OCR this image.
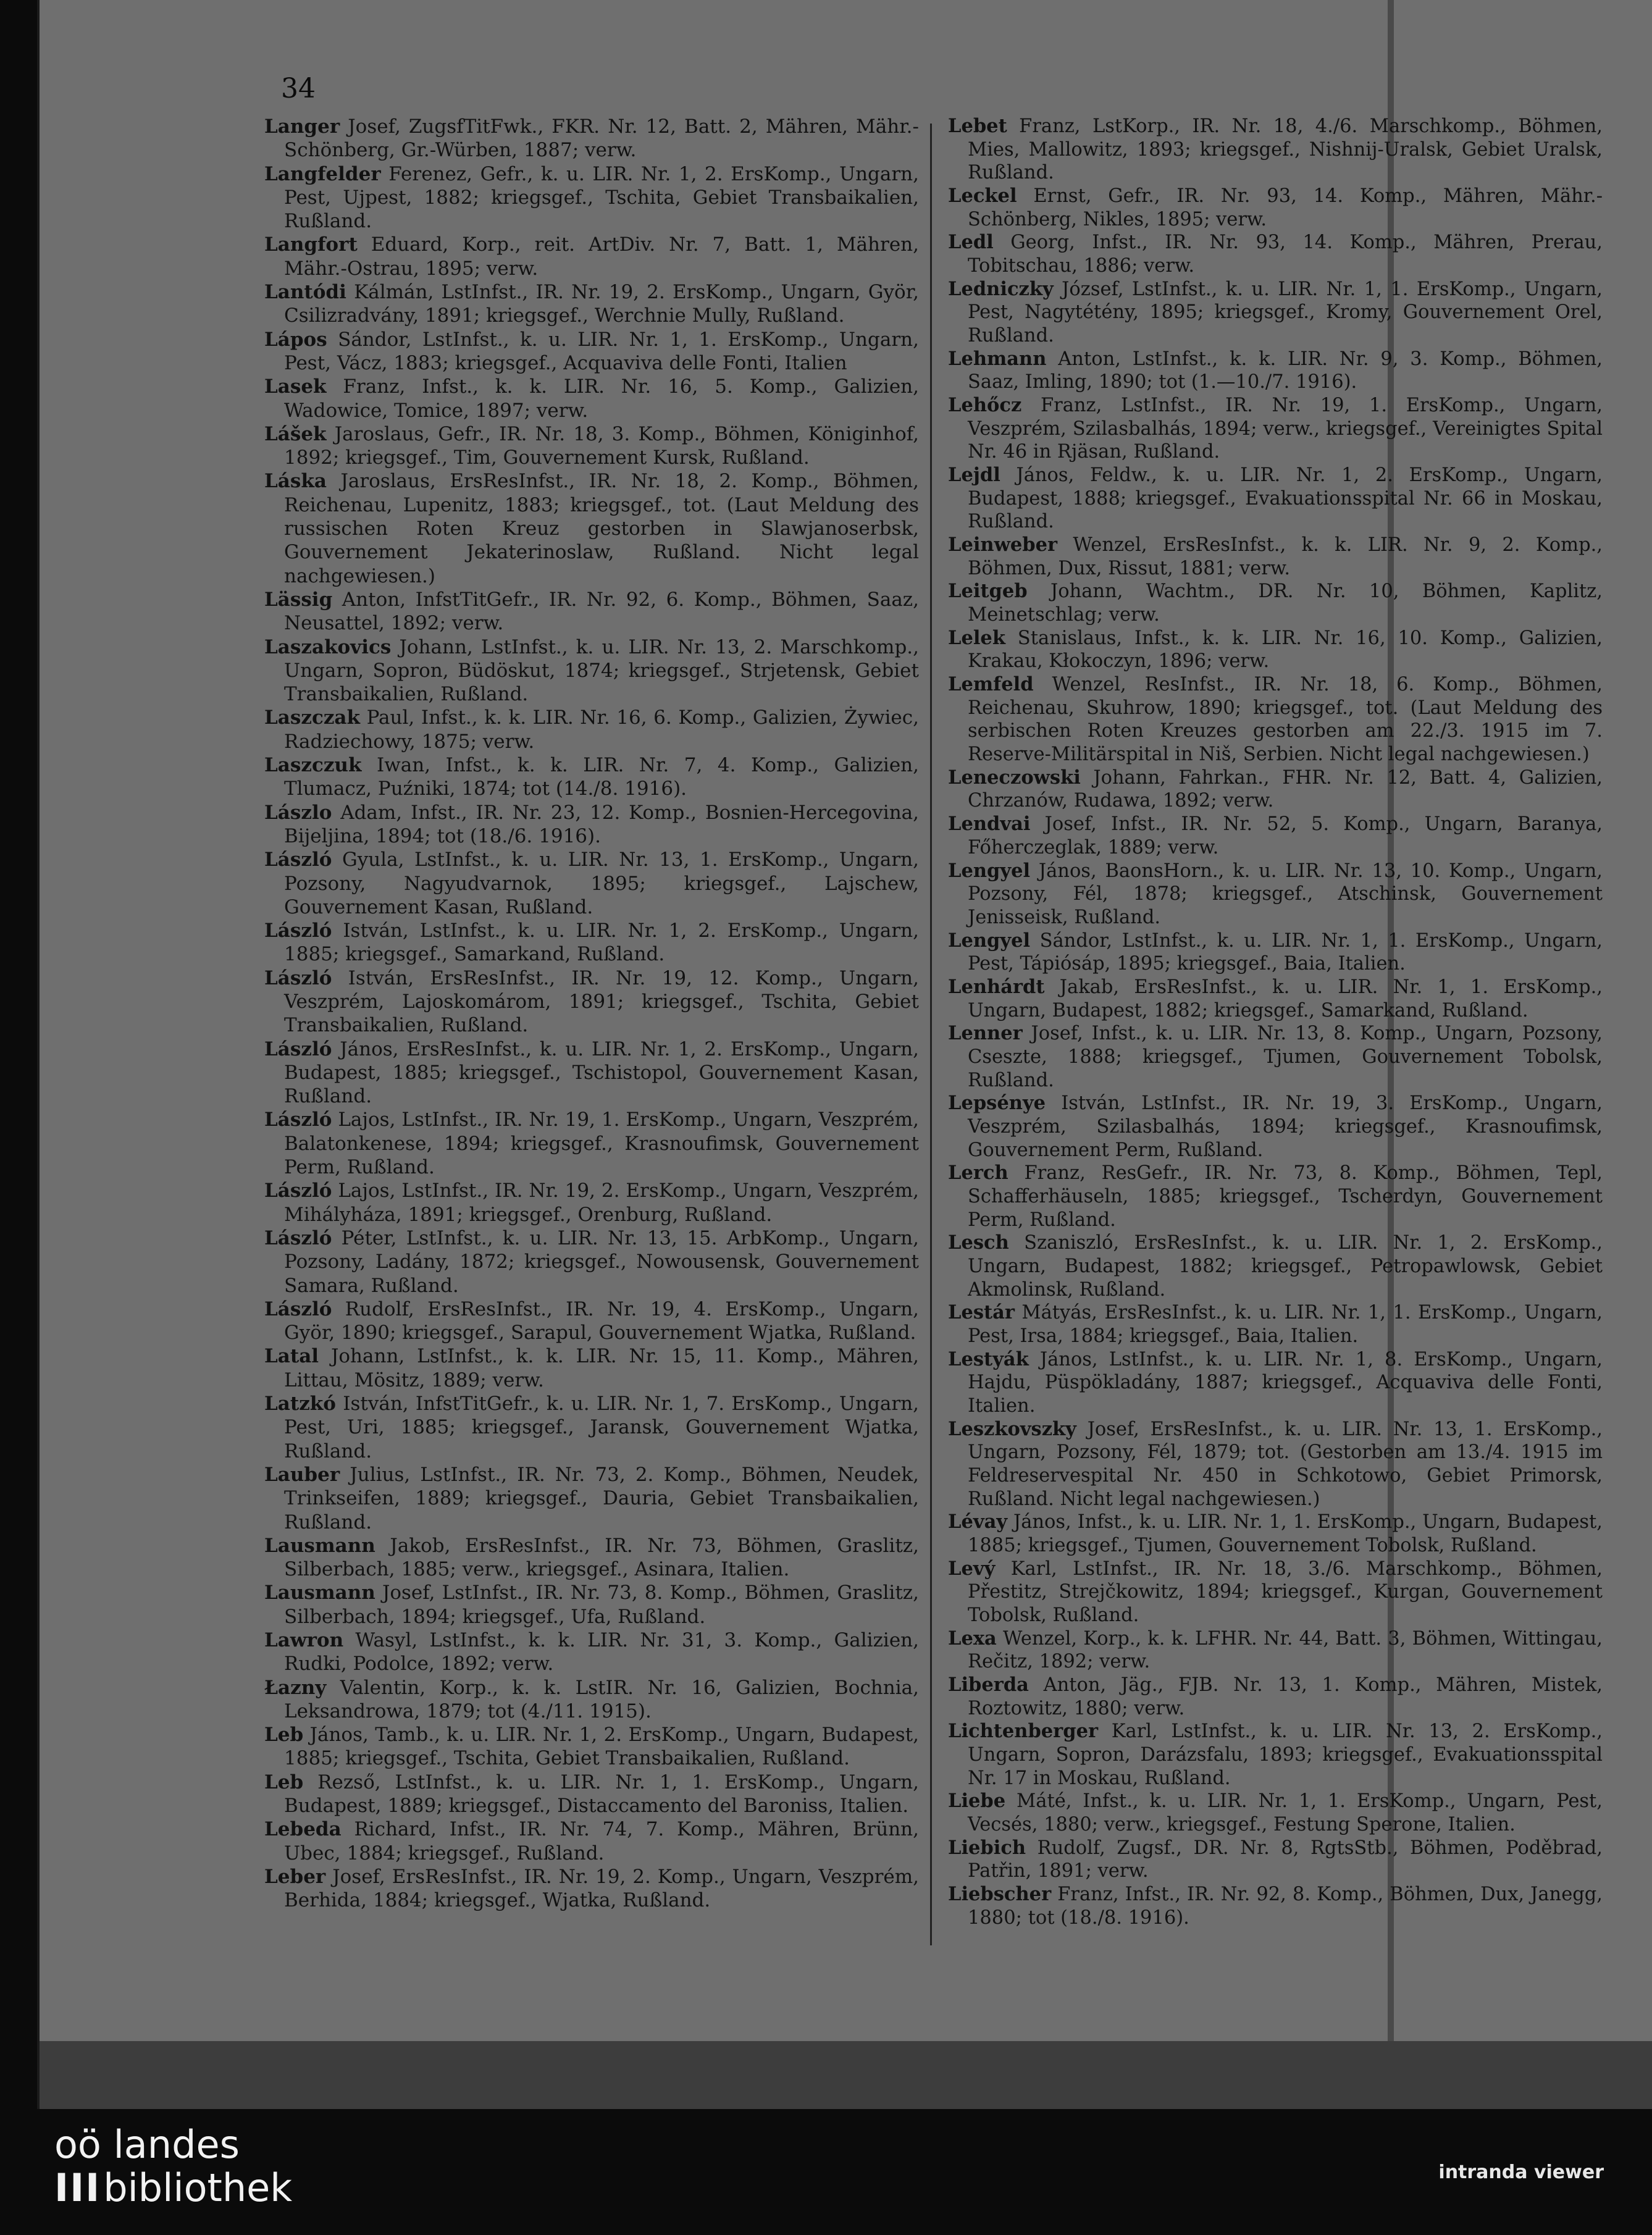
34

Langer Josef, ZugsfTitFwk., FKR. Nr. 12, Batt. 2, Mähren, Mähr.-Schönberg, Gr.-Würben, 1887; verw.

Langfelder Ferenez, Gefr., k. u. LIR. Nr. 1, 2. ErsKomp., Ungarn, Pest, Ujpest, 1882; kriegsgef., Tschita, Gebiet Transbaikalien, Rußland.

Langfort Eduard, Korp., reit. ArtDiv. Nr. 7, Batt. 1, Mähren, Mähr.-Ostrau, 1895; verw.

Lantódi Kálmán, LstInfst., IR. Nr. 19, 2. ErsKomp., Ungarn, Györ, Csilizradvány, 1891; kriegsgef., Werchnie Mully, Rußland.

Lápos Sándor, LstInfst., k. u. LIR. Nr. 1, 1. ErsKomp., Ungarn, Pest, Vácz, 1883; kriegsgef., Acquaviva delle Fonti, Italien

Lasek Franz, Infst., k. k. LIR. Nr. 16, 5. Komp., Galizien, Wadowice, Tomice, 1897; verw.

Lášek Jaroslaus, Gefr., IR. Nr. 18, 3. Komp., Böhmen, Königinhof, 1892; kriegsgef., Tim, Gouvernement Kursk, Rußland.

Láska Jaroslaus, ErsResInfst., IR. Nr. 18, 2. Komp., Böhmen, Reichenau, Lupenitz, 1883; kriegsgef., tot. (Laut Meldung des russischen Roten Kreuz gestorben in Slawjanoserbsk, Gouvernement Jekaterinoslaw, Rußland. Nicht legal nachgewiesen.)

Lässig Anton, InfstTitGefr., IR. Nr. 92, 6. Komp., Böhmen, Saaz, Neusattel, 1892; verw.

Laszakovics Johann, LstInfst., k. u. LIR. Nr. 13, 2. Marschkomp., Ungarn, Sopron, Büdöskut, 1874; kriegsgef., Strjetensk, Gebiet Transbaikalien, Rußland.

Laszczak Paul, Infst., k. k. LIR. Nr. 16, 6. Komp., Galizien, Żywiec, Radziechowy, 1875; verw.

Laszczuk Iwan, Infst., k. k. LIR. Nr. 7, 4. Komp., Galizien, Tlumacz, Puźniki, 1874; tot (14./8. 1916).

Lászlo Adam, Infst., IR. Nr. 23, 12. Komp., Bosnien-Hercegovina, Bijeljina, 1894; tot (18./6. 1916).

László Gyula, LstInfst., k. u. LIR. Nr. 13, 1. ErsKomp., Ungarn, Pozsony, Nagyudvarnok, 1895; kriegsgef., Lajschew, Gouvernement Kasan, Rußland.

László István, LstInfst., k. u. LIR. Nr. 1, 2. ErsKomp., Ungarn, 1885; kriegsgef., Samarkand, Rußland.

László István, ErsResInfst., IR. Nr. 19, 12. Komp., Ungarn, Veszprém, Lajoskomárom, 1891; kriegsgef., Tschita, Gebiet Transbaikalien, Rußland.

László János, ErsResInfst., k. u. LIR. Nr. 1, 2. ErsKomp., Ungarn, Budapest, 1885; kriegsgef., Tschistopol, Gouvernement Kasan, Rußland.

László Lajos, LstInfst., IR. Nr. 19, 1. ErsKomp., Ungarn, Veszprém, Balatonkenese, 1894; kriegsgef., Krasnoufimsk, Gouvernement Perm, Rußland.

László Lajos, LstInfst., IR. Nr. 19, 2. ErsKomp., Ungarn, Veszprém, Mihályháza, 1891; kriegsgef., Orenburg, Rußland.

László Péter, LstInfst., k. u. LIR. Nr. 13, 15. ArbKomp., Ungarn, Pozsony, Ladány, 1872; kriegsgef., Nowousensk, Gouvernement Samara, Rußland.

László Rudolf, ErsResInfst., IR. Nr. 19, 4. ErsKomp., Ungarn, Györ, 1890; kriegsgef., Sarapul, Gouvernement Wjatka, Rußland.

Latal Johann, LstInfst., k. k. LIR. Nr. 15, 11. Komp., Mähren, Littau, Mösitz, 1889; verw.

Latzkó István, InfstTitGefr., k. u. LIR. Nr. 1, 7. ErsKomp., Ungarn, Pest, Uri, 1885; kriegsgef., Jaransk, Gouvernement Wjatka, Rußland.

Lauber Julius, LstInfst., IR. Nr. 73, 2. Komp., Böhmen, Neudek, Trinkseifen, 1889; kriegsgef., Dauria, Gebiet Transbaikalien, Rußland.

Lausmann Jakob, ErsResInfst., IR. Nr. 73, Böhmen, Graslitz, Silberbach, 1885; verw., kriegsgef., Asinara, Italien.

Lausmann Josef, LstInfst., IR. Nr. 73, 8. Komp., Böhmen, Graslitz, Silberbach, 1894; kriegsgef., Ufa, Rußland.

Lawron Wasyl, LstInfst., k. k. LIR. Nr. 31, 3. Komp., Galizien, Rudki, Podolce, 1892; verw.

Łazny Valentin, Korp., k. k. LstIR. Nr. 16, Galizien, Bochnia, Leksandrowa, 1879; tot (4./11. 1915).

Leb János, Tamb., k. u. LIR. Nr. 1, 2. ErsKomp., Ungarn, Budapest, 1885; kriegsgef., Tschita, Gebiet Transbaikalien, Rußland.

Leb Rezső, LstInfst., k. u. LIR. Nr. 1, 1. ErsKomp., Ungarn, Budapest, 1889; kriegsgef., Distaccamento del Baroniss, Italien.

Lebeda Richard, Infst., IR. Nr. 74, 7. Komp., Mähren, Brünn, Ubec, 1884; kriegsgef., Rußland.

Leber Josef, ErsResInfst., IR. Nr. 19, 2. Komp., Ungarn, Veszprém, Berhida, 1884; kriegsgef., Wjatka, Rußland.

Lebet Franz, LstKorp., IR. Nr. 18, 4./6. Marschkomp., Böhmen, Mies, Mallowitz, 1893; kriegsgef., Nishnij-Uralsk, Gebiet Uralsk, Rußland.

Leckel Ernst, Gefr., IR. Nr. 93, 14. Komp., Mähren, Mähr.-Schönberg, Nikles, 1895; verw.

Ledl Georg, Infst., IR. Nr. 93, 14. Komp., Mähren, Prerau, Tobitschau, 1886; verw.

Ledniczky József, LstInfst., k. u. LIR. Nr. 1, 1. ErsKomp., Ungarn, Pest, Nagytétény, 1895; kriegsgef., Kromy, Gouvernement Orel, Rußland.

Lehmann Anton, LstInfst., k. k. LIR. Nr. 9, 3. Komp., Böhmen, Saaz, Imling, 1890; tot (1.—10./7. 1916).

Lehőcz Franz, LstInfst., IR. Nr. 19, 1. ErsKomp., Ungarn, Veszprém, Szilasbalhás, 1894; verw., kriegsgef., Vereinigtes Spital Nr. 46 in Rjäsan, Rußland.

Lejdl János, Feldw., k. u. LIR. Nr. 1, 2. ErsKomp., Ungarn, Budapest, 1888; kriegsgef., Evakuationsspital Nr. 66 in Moskau, Rußland.

Leinweber Wenzel, ErsResInfst., k. k. LIR. Nr. 9, 2. Komp., Böhmen, Dux, Rissut, 1881; verw.

Leitgeb Johann, Wachtm., DR. Nr. 10, Böhmen, Kaplitz, Meinetschlag; verw.

Lelek Stanislaus, Infst., k. k. LIR. Nr. 16, 10. Komp., Galizien, Krakau, Kłokoczyn, 1896; verw.

Lemfeld Wenzel, ResInfst., IR. Nr. 18, 6. Komp., Böhmen, Reichenau, Skuhrow, 1890; kriegsgef., tot. (Laut Meldung des serbischen Roten Kreuzes gestorben am 22./3. 1915 im 7. Reserve-Militärspital in Niš, Serbien. Nicht legal nachgewiesen.)

Leneczowski Johann, Fahrkan., FHR. Nr. 12, Batt. 4, Galizien, Chrzanów, Rudawa, 1892; verw.

Lendvai Josef, Infst., IR. Nr. 52, 5. Komp., Ungarn, Baranya, Főherczeglak, 1889; verw.

Lengyel János, BaonsHorn., k. u. LIR. Nr. 13, 10. Komp., Ungarn, Pozsony, Fél, 1878; kriegsgef., Atschinsk, Gouvernement Jenisseisk, Rußland.

Lengyel Sándor, LstInfst., k. u. LIR. Nr. 1, 1. ErsKomp., Ungarn, Pest, Tápiósáp, 1895; kriegsgef., Baia, Italien.

Lenhárdt Jakab, ErsResInfst., k. u. LIR. Nr. 1, 1. ErsKomp., Ungarn, Budapest, 1882; kriegsgef., Samarkand, Rußland.

Lenner Josef, Infst., k. u. LIR. Nr. 13, 8. Komp., Ungarn, Pozsony, Cseszte, 1888; kriegsgef., Tjumen, Gouvernement Tobolsk, Rußland.

Lepsénye István, LstInfst., IR. Nr. 19, 3. ErsKomp., Ungarn, Veszprém, Szilasbalhás, 1894; kriegsgef., Krasnoufimsk, Gouvernement Perm, Rußland.

Lerch Franz, ResGefr., IR. Nr. 73, 8. Komp., Böhmen, Tepl, Schafferhäuseln, 1885; kriegsgef., Tscherdyn, Gouvernement Perm, Rußland.

Lesch Szaniszló, ErsResInfst., k. u. LIR. Nr. 1, 2. ErsKomp., Ungarn, Budapest, 1882; kriegsgef., Petropawlowsk, Gebiet Akmolinsk, Rußland.

Lestár Mátyás, ErsResInfst., k. u. LIR. Nr. 1, 1. ErsKomp., Ungarn, Pest, Irsa, 1884; kriegsgef., Baia, Italien.

Lestyák János, LstInfst., k. u. LIR. Nr. 1, 8. ErsKomp., Ungarn, Hajdu, Püspökladány, 1887; kriegsgef., Acquaviva delle Fonti, Italien.

Leszkovszky Josef, ErsResInfst., k. u. LIR. Nr. 13, 1. ErsKomp., Ungarn, Pozsony, Fél, 1879; tot. (Gestorben am 13./4. 1915 im Feldreservespital Nr. 450 in Schkotowo, Gebiet Primorsk, Rußland. Nicht legal nachgewiesen.)

Lévay János, Infst., k. u. LIR. Nr. 1, 1. ErsKomp., Ungarn, Budapest, 1885; kriegsgef., Tjumen, Gouvernement Tobolsk, Rußland.

Levý Karl, LstInfst., IR. Nr. 18, 3./6. Marschkomp., Böhmen, Přestitz, Strejčkowitz, 1894; kriegsgef., Kurgan, Gouvernement Tobolsk, Rußland.

Lexa Wenzel, Korp., k. k. LFHR. Nr. 44, Batt. 3, Böhmen, Wittingau, Rečitz, 1892; verw.

Liberda Anton, Jäg., FJB. Nr. 13, 1. Komp., Mähren, Mistek, Roztowitz, 1880; verw.

Lichtenberger Karl, LstInfst., k. u. LIR. Nr. 13, 2. ErsKomp., Ungarn, Sopron, Darázsfalu, 1893; kriegsgef., Evakuationsspital Nr. 17 in Moskau, Rußland.

Liebe Máté, Infst., k. u. LIR. Nr. 1, 1. ErsKomp., Ungarn, Pest, Vecsés, 1880; verw., kriegsgef., Festung Sperone, Italien.

Liebich Rudolf, Zugsf., DR. Nr. 8, RgtsStb., Böhmen, Poděbrad, Patřin, 1891; verw.

Liebscher Franz, Infst., IR. Nr. 92, 8. Komp., Böhmen, Dux, Janegg, 1880; tot (18./8. 1916).

oö landes
IIIbibliothek	intranda viewer
